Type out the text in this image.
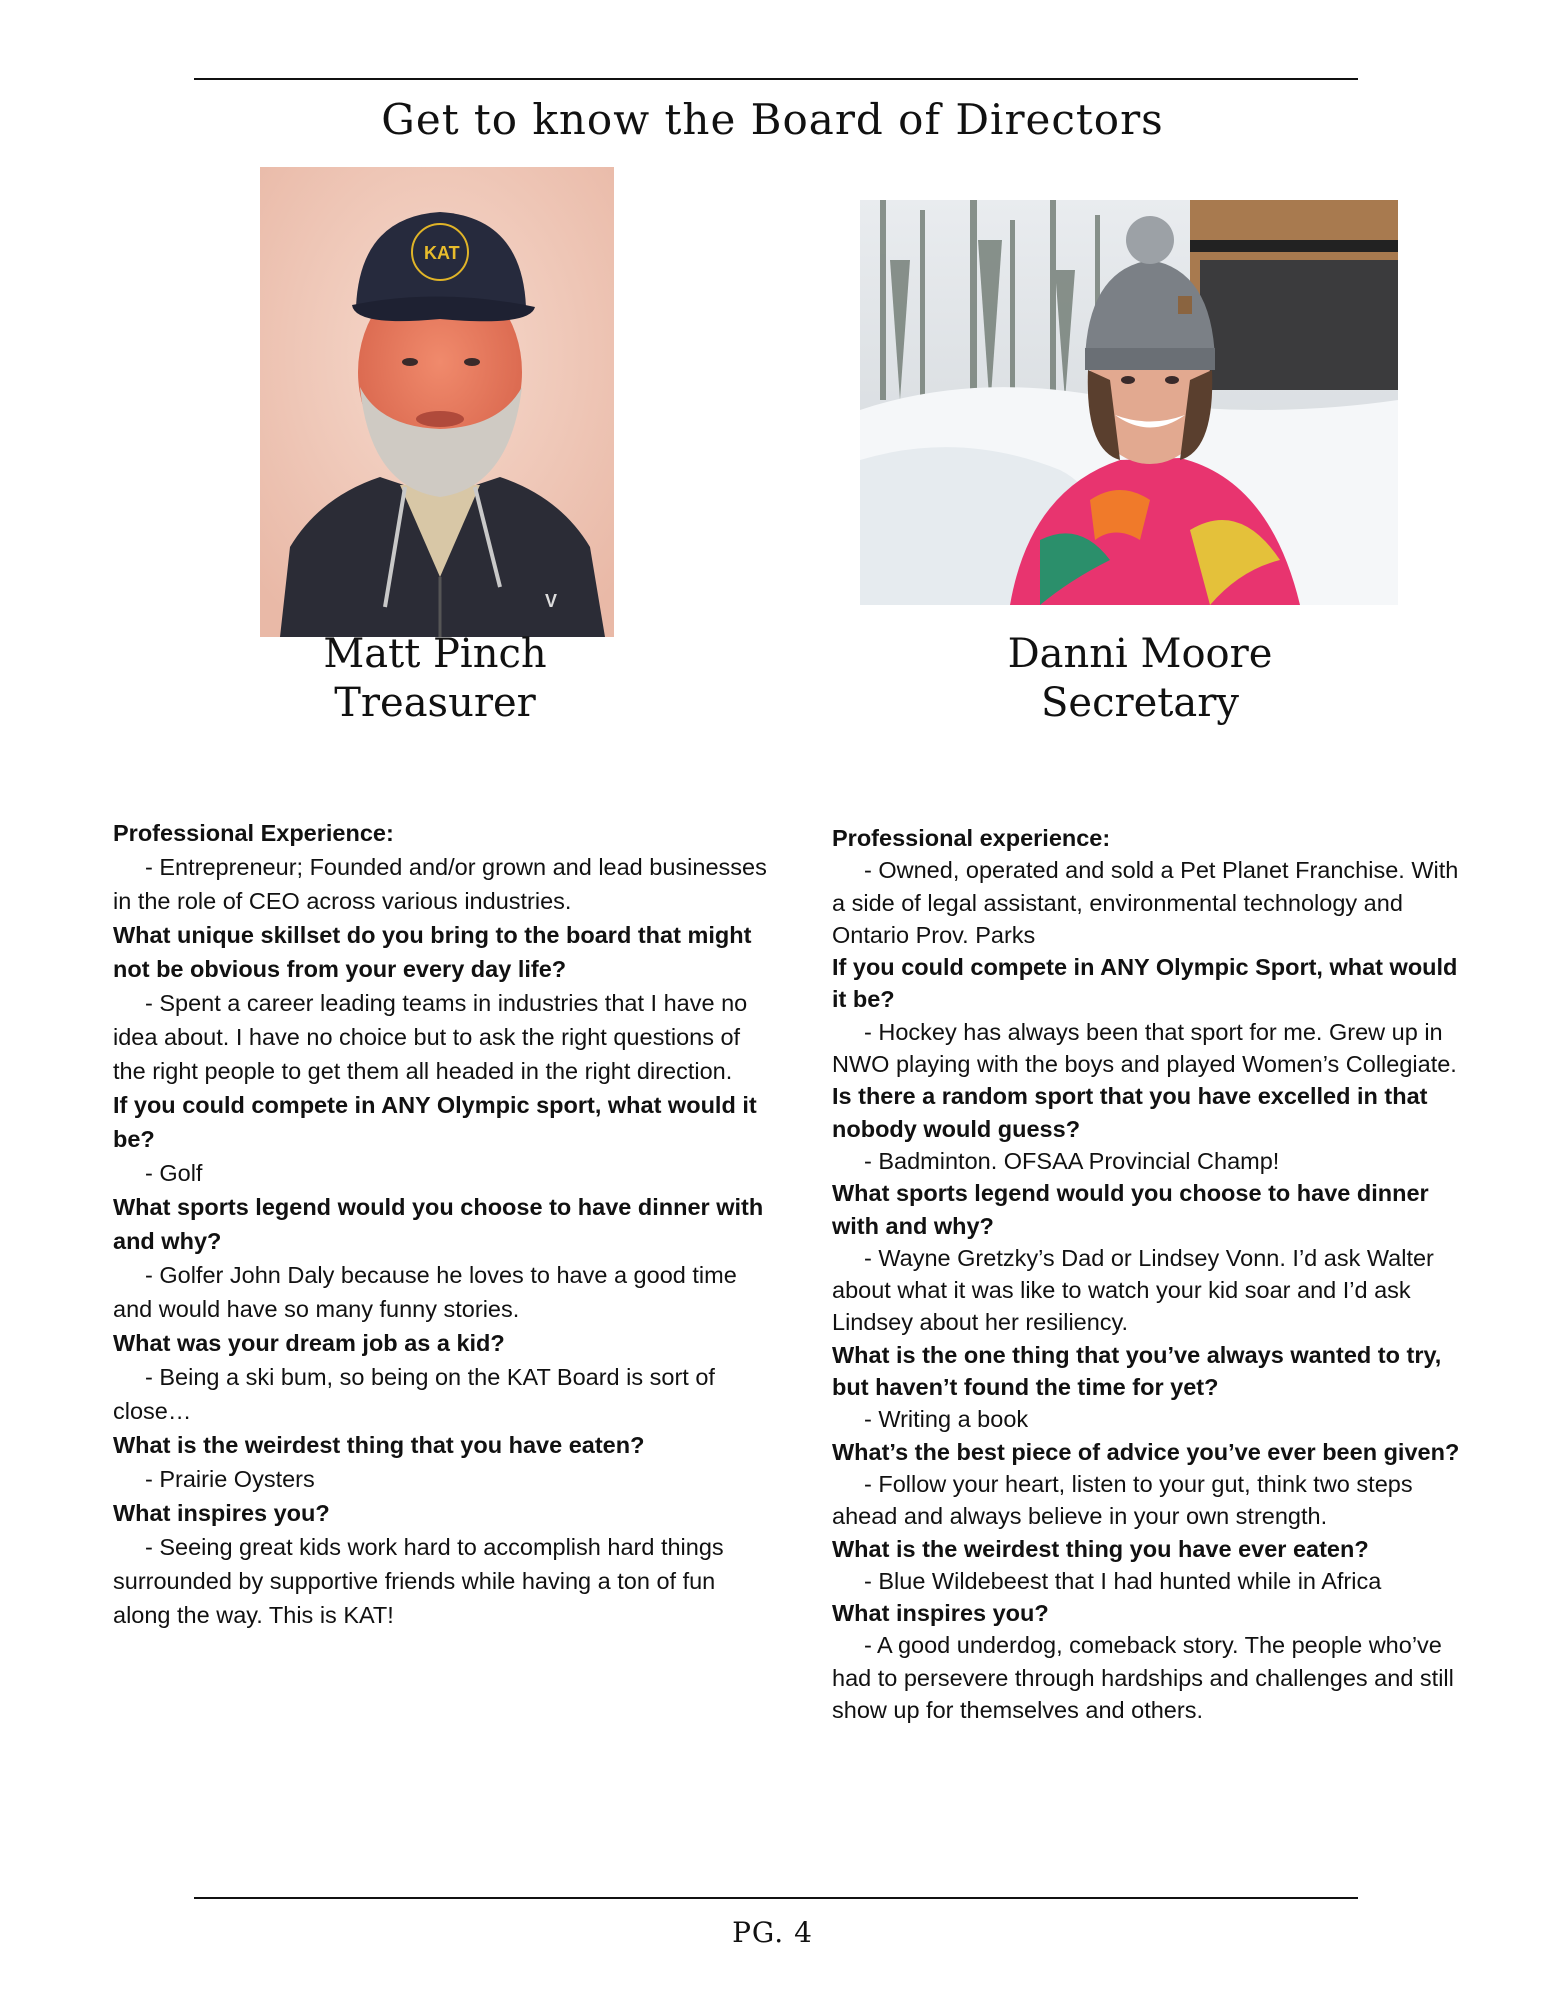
Get to know the Board of Directors
V
KAT
Matt Pinch
Treasurer
Danni Moore
Secretary

Professional Experience:

- Entrepreneur; Founded and/or grown and lead businesses in the role of CEO across various industries.

What unique skillset do you bring to the board that might not be obvious from your every day life?

- Spent a career leading teams in industries that I have no idea about. I have no choice but to ask the right questions of the right people to get them all headed in the right direction.

If you could compete in ANY Olympic sport, what would it be?

- Golf

What sports legend would you choose to have dinner with and why?

- Golfer John Daly because he loves to have a good time and would have so many funny stories.

What was your dream job as a kid?

- Being a ski bum, so being on the KAT Board is sort of close…

What is the weirdest thing that you have eaten?

- Prairie Oysters

What inspires you?

- Seeing great kids work hard to accomplish hard things surrounded by supportive friends while having a ton of fun along the way. This is KAT!

Professional experience:

- Owned, operated and sold a Pet Planet Franchise. With a side of legal assistant, environmental technology and Ontario Prov. Parks

If you could compete in ANY Olympic Sport, what would it be?

- Hockey has always been that sport for me. Grew up in NWO playing with the boys and played Women’s Collegiate.

Is there a random sport that you have excelled in that nobody would guess?

- Badminton. OFSAA Provincial Champ!

What sports legend would you choose to have dinner with and why?

- Wayne Gretzky’s Dad or Lindsey Vonn. I’d ask Walter about what it was like to watch your kid soar and I’d ask Lindsey about her resiliency.

What is the one thing that you’ve always wanted to try, but haven’t found the time for yet?

- Writing a book

What’s the best piece of advice you’ve ever been given?

- Follow your heart, listen to your gut, think two steps ahead and always believe in your own strength.

What is the weirdest thing you have ever eaten?

- Blue Wildebeest that I had hunted while in Africa

What inspires you?

- A good underdog, comeback story. The people who’ve had to persevere through hardships and challenges and still show up for themselves and others.

PG. 4
